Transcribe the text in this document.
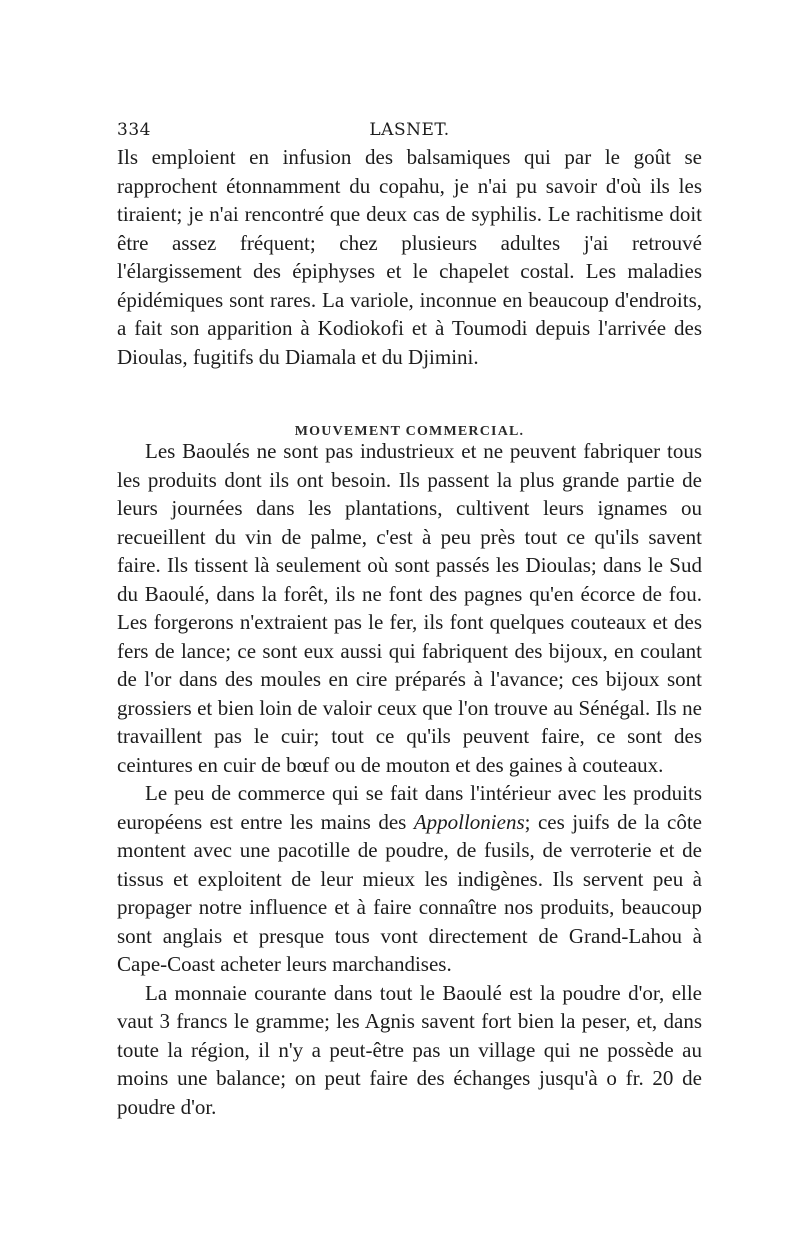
334	LASNET.

Ils emploient en infusion des balsamiques qui par le goût se rapprochent étonnamment du copahu, je n'ai pu savoir d'où ils les tiraient; je n'ai rencontré que deux cas de syphilis. Le rachitisme doit être assez fréquent; chez plusieurs adultes j'ai retrouvé l'élargissement des épiphyses et le chapelet costal. Les maladies épidémiques sont rares. La variole, inconnue en beaucoup d'endroits, a fait son apparition à Kodiokofi et à Toumodi depuis l'arrivée des Dioulas, fugitifs du Diamala et du Djimini.

MOUVEMENT COMMERCIAL.

Les Baoulés ne sont pas industrieux et ne peuvent fabriquer tous les produits dont ils ont besoin. Ils passent la plus grande partie de leurs journées dans les plantations, cultivent leurs ignames ou recueillent du vin de palme, c'est à peu près tout ce qu'ils savent faire. Ils tissent là seulement où sont passés les Dioulas; dans le Sud du Baoulé, dans la forêt, ils ne font des pagnes qu'en écorce de fou. Les forgerons n'extraient pas le fer, ils font quelques couteaux et des fers de lance; ce sont eux aussi qui fabriquent des bijoux, en coulant de l'or dans des moules en cire préparés à l'avance; ces bijoux sont grossiers et bien loin de valoir ceux que l'on trouve au Sénégal. Ils ne travaillent pas le cuir; tout ce qu'ils peuvent faire, ce sont des ceintures en cuir de bœuf ou de mouton et des gaines à couteaux.

Le peu de commerce qui se fait dans l'intérieur avec les produits européens est entre les mains des Appolloniens; ces juifs de la côte montent avec une pacotille de poudre, de fusils, de verroterie et de tissus et exploitent de leur mieux les indigènes. Ils servent peu à propager notre influence et à faire connaître nos produits, beaucoup sont anglais et presque tous vont directement de Grand-Lahou à Cape-Coast acheter leurs marchandises.

La monnaie courante dans tout le Baoulé est la poudre d'or, elle vaut 3 francs le gramme; les Agnis savent fort bien la peser, et, dans toute la région, il n'y a peut-être pas un village qui ne possède au moins une balance; on peut faire des échanges jusqu'à o fr. 20 de poudre d'or.
